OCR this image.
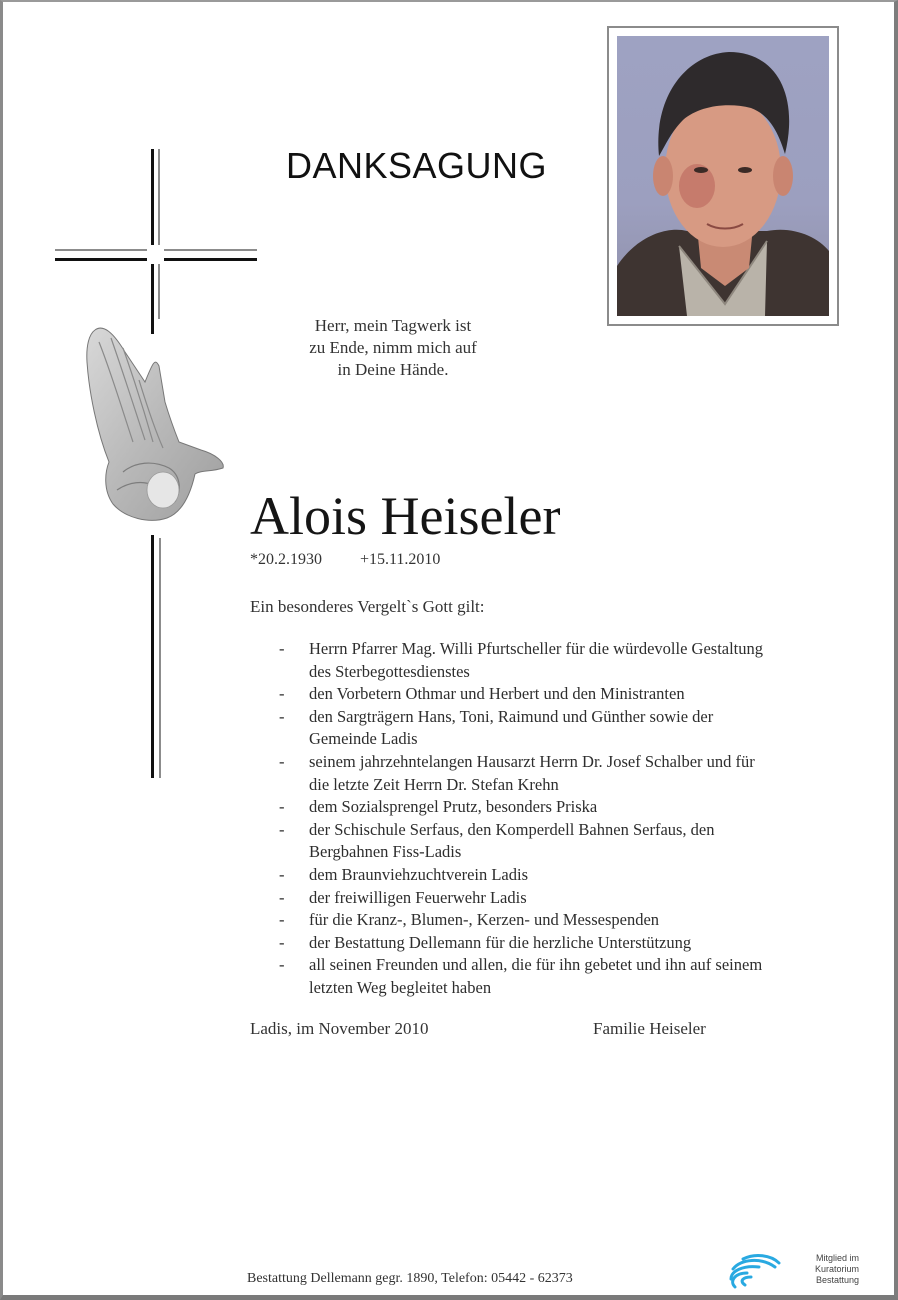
DANKSAGUNG
Herr, mein Tagwerk ist
zu Ende, nimm mich auf
in Deine Hände.
Alois Heiseler
*20.2.1930 +15.11.2010
Ein besonderes Vergelt`s Gott gilt:
- Herrn Pfarrer Mag. Willi Pfurtscheller für die würdevolle Gestaltung des Sterbegottesdienstes
- den Vorbetern Othmar und Herbert und den Ministranten
- den Sargträgern Hans, Toni, Raimund und Günther sowie der Gemeinde Ladis
- seinem jahrzehntelangen Hausarzt Herrn Dr. Josef Schalber und für die letzte Zeit Herrn Dr. Stefan Krehn
- dem Sozialsprengel Prutz, besonders Priska
- der Schischule Serfaus, den Komperdell Bahnen Serfaus, den Bergbahnen Fiss-Ladis
- dem Braunviehzuchtverein Ladis
- der freiwilligen Feuerwehr Ladis
- für die Kranz-, Blumen-, Kerzen- und Messespenden
- der Bestattung Dellemann für die herzliche Unterstützung
- all seinen Freunden und allen, die für ihn gebetet und ihn auf seinem letzten Weg begleitet haben
Ladis, im November 2010	Familie Heiseler
Bestattung Dellemann gegr. 1890, Telefon: 05442 - 62373
Mitglied im
Kuratorium Bestattung
